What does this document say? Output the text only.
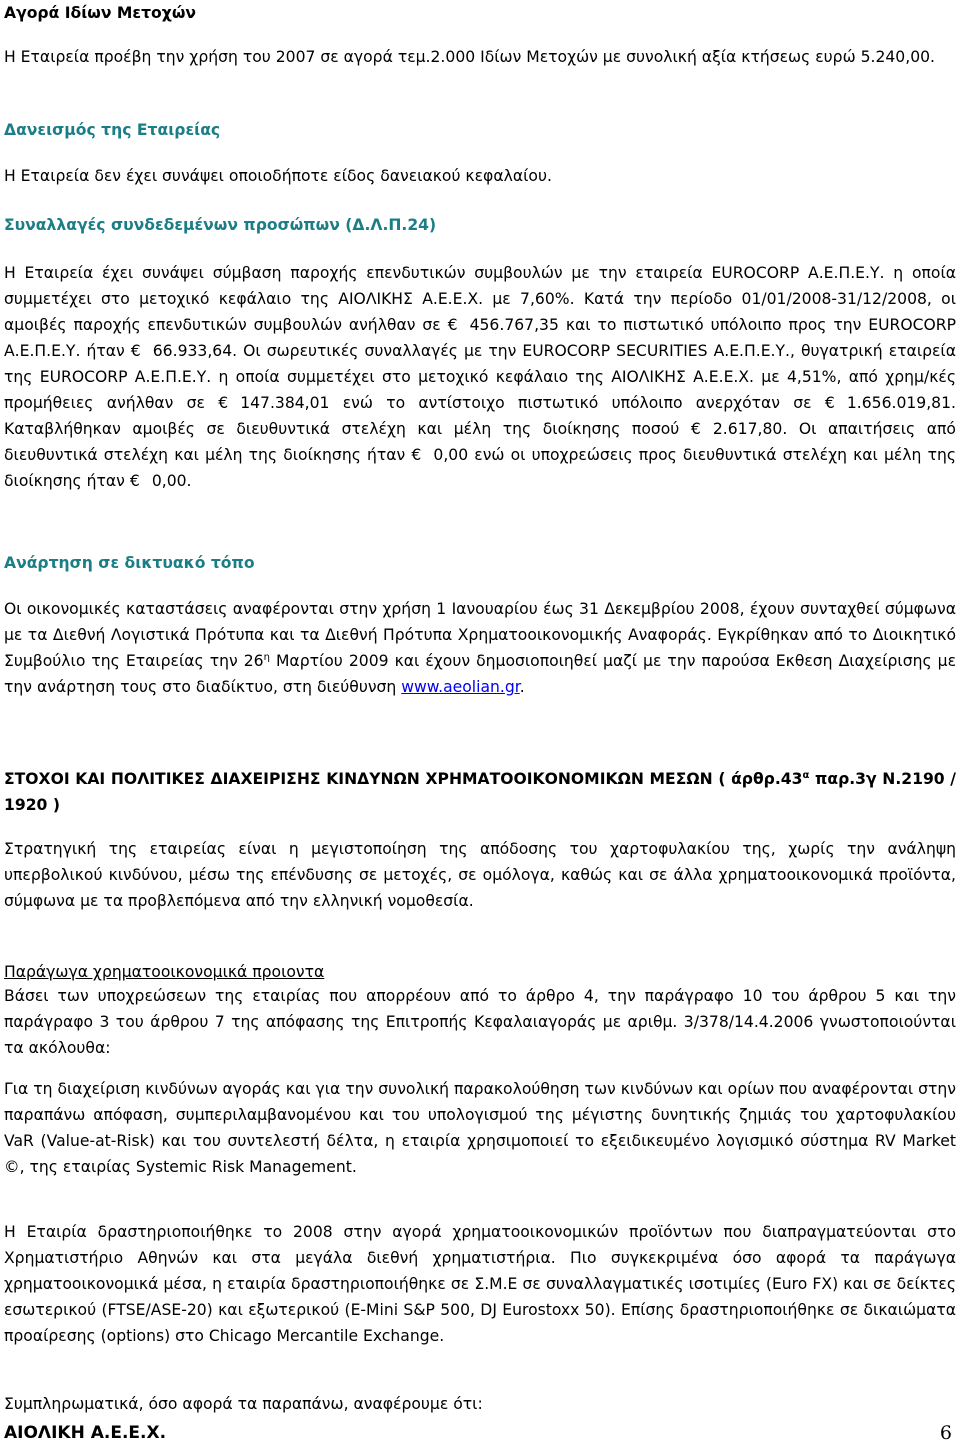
Αγορά Ιδίων Μετοχών

Η Εταιρεία προέβη την χρήση του 2007 σε αγορά τεμ.2.000 Ιδίων Μετοχών με συνολική αξία κτήσεως ευρώ 5.240,00.

Δανεισμός της Εταιρείας

Η Εταιρεία δεν έχει συνάψει οποιοδήποτε είδος δανειακού κεφαλαίου.

Συναλλαγές συνδεδεμένων προσώπων (Δ.Λ.Π.24)

Η Εταιρεία έχει συνάψει σύμβαση παροχής επενδυτικών συμβουλών με την εταιρεία EUROCORP Α.Ε.Π.Ε.Υ. η οποία συμμετέχει στο μετοχικό κεφάλαιο της ΑΙΟΛΙΚΗΣ Α.Ε.Ε.Χ. με 7,60%. Κατά την περίοδο 01/01/2008-31/12/2008, οι αμοιβές παροχής επενδυτικών συμβουλών ανήλθαν σε € 456.767,35 και το πιστωτικό υπόλοιπο προς την EUROCORP Α.Ε.Π.Ε.Υ. ήταν € 66.933,64. Οι σωρευτικές συναλλαγές με την EUROCORP SECURITIES Α.Ε.Π.Ε.Υ., θυγατρική εταιρεία της EUROCORP Α.Ε.Π.Ε.Υ. η οποία συμμετέχει στο μετοχικό κεφάλαιο της ΑΙΟΛΙΚΗΣ Α.Ε.Ε.Χ. με 4,51%, από χρημ/κές προμήθειες ανήλθαν σε € 147.384,01 ενώ το αντίστοιχο πιστωτικό υπόλοιπο ανερχόταν σε € 1.656.019,81. Καταβλήθηκαν αμοιβές σε διευθυντικά στελέχη και μέλη της διοίκησης ποσού € 2.617,80. Οι απαιτήσεις από διευθυντικά στελέχη και μέλη της διοίκησης ήταν € 0,00 ενώ οι υποχρεώσεις προς διευθυντικά στελέχη και μέλη της διοίκησης ήταν € 0,00.

Ανάρτηση σε δικτυακό τόπο

Οι οικονομικές καταστάσεις αναφέρονται στην χρήση 1 Ιανουαρίου έως 31 Δεκεμβρίου 2008, έχουν συνταχθεί σύμφωνα με τα Διεθνή Λογιστικά Πρότυπα και τα Διεθνή Πρότυπα Χρηματοοικονομικής Αναφοράς. Εγκρίθηκαν από το Διοικητικό Συμβούλιο της Εταιρείας την $26^\eta$ Μαρτίου 2009 και έχουν δημοσιοποιηθεί μαζί με την παρούσα Εκθεση Διαχείρισης με την ανάρτηση τους στο διαδίκτυο, στη διεύθυνση www.aeolian.gr.

ΣΤΟΧΟΙ ΚΑΙ ΠΟΛΙΤΙΚΕΣ ΔΙΑΧΕΙΡΙΣΗΣ ΚΙΝΔΥΝΩΝ ΧΡΗΜΑΤΟΟΙΚΟΝΟΜΙΚΩΝ ΜΕΣΩΝ ( $ά\rho\theta\rho.43^\alpha$ παρ.3γ Ν.2190 / 1920 )

Στρατηγική της εταιρείας είναι η μεγιστοποίηση της απόδοσης του χαρτοφυλακίου της, χωρίς την ανάληψη υπερβολικού κινδύνου, μέσω της επένδυσης σε μετοχές, σε ομόλογα, καθώς και σε άλλα χρηματοοικονομικά προϊόντα, σύμφωνα με τα προβλεπόμενα από την ελληνική νομοθεσία.

Παράγωγα χρηματοοικονομικά προιοντα

Βάσει των υποχρεώσεων της εταιρίας που απορρέουν από το άρθρο 4, την παράγραφο 10 του άρθρου 5 και την παράγραφο 3 του άρθρου 7 της απόφασης της Επιτροπής Κεφαλαιαγοράς με αριθμ. 3/378/14.4.2006 γνωστοποιούνται τα ακόλουθα:

Για τη διαχείριση κινδύνων αγοράς και για την συνολική παρακολούθηση των κινδύνων και ορίων που αναφέρονται στην παραπάνω απόφαση, συμπεριλαμβανομένου και του υπολογισμού της μέγιστης δυνητικής ζημιάς του χαρτοφυλακίου VaR (Value-at-Risk) και του συντελεστή δέλτα, η εταιρία χρησιμοποιεί το εξειδικευμένο λογισμικό σύστημα RV Market ©, της εταιρίας Systemic Risk Management.

Η Εταιρία δραστηριοποιήθηκε το 2008 στην αγορά χρηματοοικονομικών προϊόντων που διαπραγματεύονται στο Χρηματιστήριο Αθηνών και στα μεγάλα διεθνή χρηματιστήρια. Πιο συγκεκριμένα όσο αφορά τα παράγωγα χρηματοοικονομικά μέσα, η εταιρία δραστηριοποιήθηκε σε Σ.Μ.Ε σε συναλλαγματικές ισοτιμίες (Euro FX) και σε δείκτες εσωτερικού (FTSE/ASE-20) και εξωτερικού (E-Mini S&P 500, DJ Eurostoxx 50). Επίσης δραστηριοποιήθηκε σε δικαιώματα προαίρεσης (options) στο Chicago Mercantile Exchange.

Συμπληρωματικά, όσο αφορά τα παραπάνω, αναφέρουμε ότι:

ΑΙΟΛΙΚΗ Α.Ε.Ε.Χ.	6
